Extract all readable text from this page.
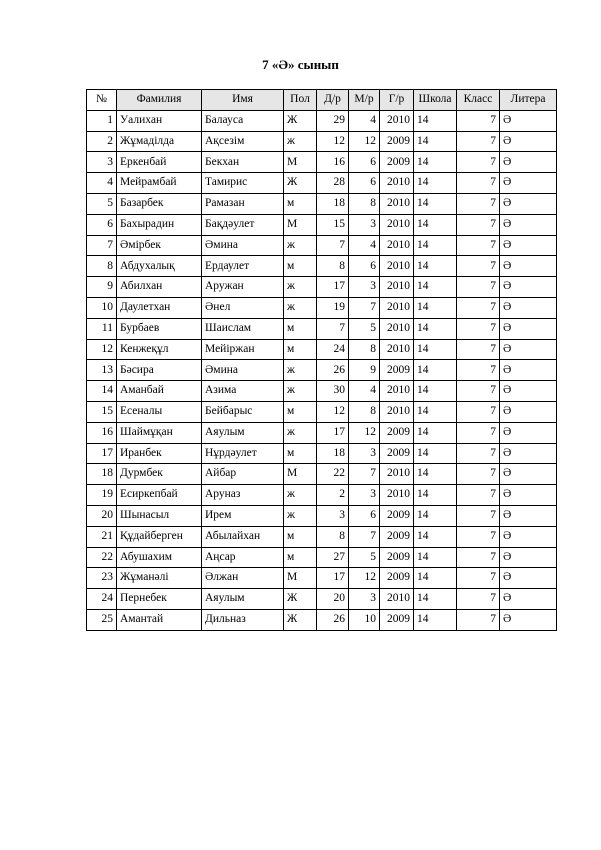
7 «Ә» сынып
№	Фамилия	Имя	Пол	Д/р	М/р	Г/р	Школа	Класс	Литера
1	Уалихан	Балауса	Ж	29	4	2010	14	7	Ә
2	Жұмаділда	Ақсезім	ж	12	12	2009	14	7	Ә
3	Еркенбай	Бекхан	М	16	6	2009	14	7	Ә
4	Мейрамбай	Тамирис	Ж	28	6	2010	14	7	Ә
5	Базарбек	Рамазан	м	18	8	2010	14	7	Ә
6	Бахырадин	Бақдәулет	М	15	3	2010	14	7	Ә
7	Әмірбек	Әмина	ж	7	4	2010	14	7	Ә
8	Абдухалық	Ердаулет	м	8	6	2010	14	7	Ә
9	Абилхан	Аружан	ж	17	3	2010	14	7	Ә
10	Даулетхан	Әнел	ж	19	7	2010	14	7	Ә
11	Бурбаев	Шаислам	м	7	5	2010	14	7	Ә
12	Кенжеқұл	Мейіржан	м	24	8	2010	14	7	Ә
13	Бәсира	Әмина	ж	26	9	2009	14	7	Ә
14	Аманбай	Азима	ж	30	4	2010	14	7	Ә
15	Есеналы	Бейбарыс	м	12	8	2010	14	7	Ә
16	Шаймұқан	Аяулым	ж	17	12	2009	14	7	Ә
17	Иранбек	Нұрдәулет	м	18	3	2009	14	7	Ә
18	Дурмбек	Айбар	М	22	7	2010	14	7	Ә
19	Есиркепбай	Аруназ	ж	2	3	2010	14	7	Ә
20	Шынасыл	Ирем	ж	3	6	2009	14	7	Ә
21	Құдайберген	Абылайхан	м	8	7	2009	14	7	Ә
22	Абушахим	Аңсар	м	27	5	2009	14	7	Ә
23	Жұманәлі	Әлжан	М	17	12	2009	14	7	Ә
24	Пернебек	Аяулым	Ж	20	3	2010	14	7	Ә
25	Амантай	Дильназ	Ж	26	10	2009	14	7	Ә
